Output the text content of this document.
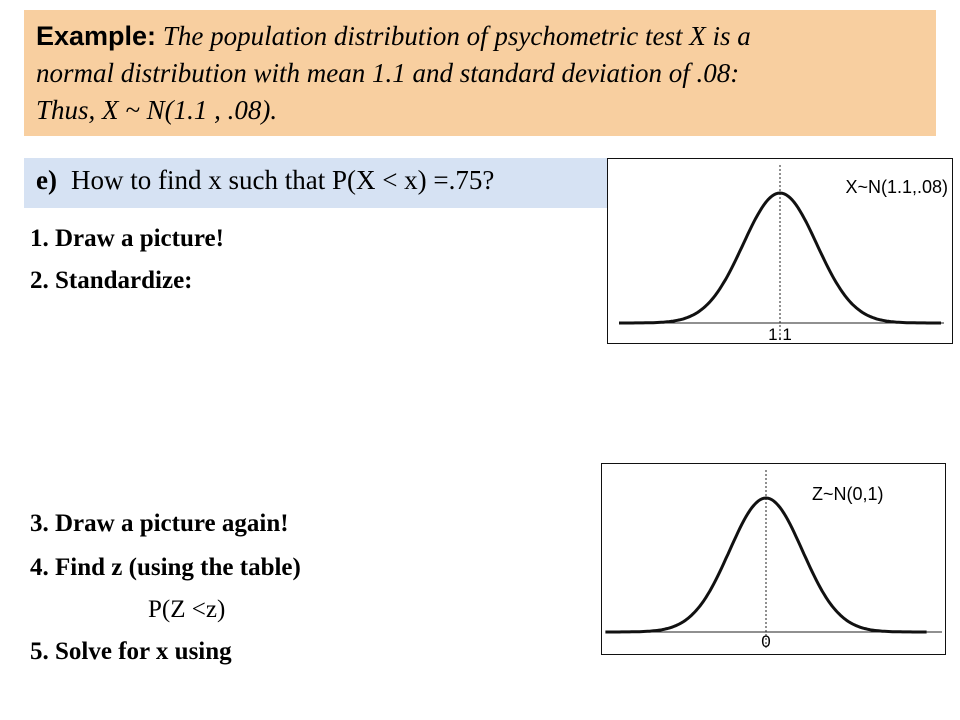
Example: The population distribution of psychometric test X is a
normal distribution with mean 1.1 and standard deviation of .08:
Thus, X ~ N(1.1 , .08).
e) How to find x such that P(X < x) =.75?
1. Draw a picture!
2. Standardize:
3. Draw a picture again!
4. Find z (using the table)
P(Z <z)
5. Solve for x using
X~N(1.1,.08)
1.1
Z~N(0,1)
0
